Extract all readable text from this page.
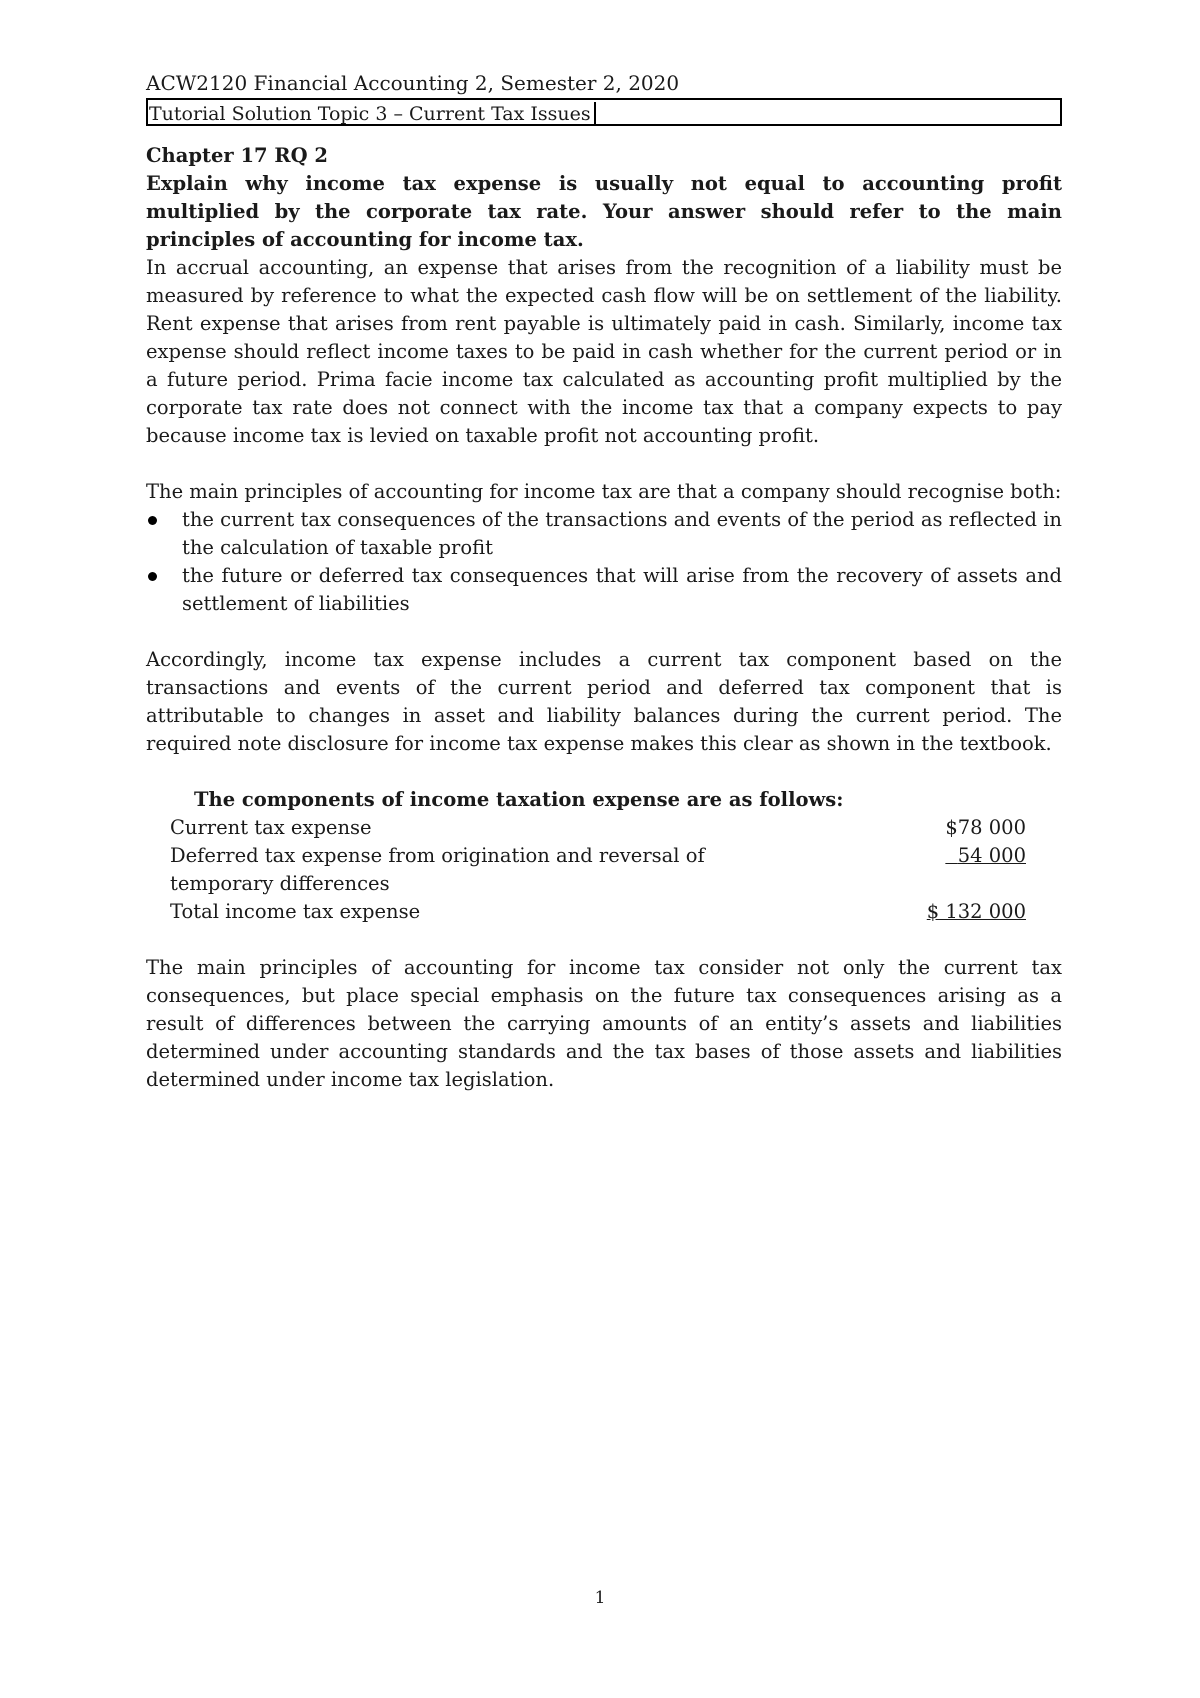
ACW2120 Financial Accounting 2, Semester 2, 2020

Tutorial Solution Topic 3 – Current Tax Issues
Chapter 17 RQ 2

Explain why income tax expense is usually not equal to accounting profit multiplied by the corporate tax rate. Your answer should refer to the main principles of accounting for income tax.

In accrual accounting, an expense that arises from the recognition of a liability must be measured by reference to what the expected cash flow will be on settlement of the liability. Rent expense that arises from rent payable is ultimately paid in cash. Similarly, income tax expense should reflect income taxes to be paid in cash whether for the current period or in a future period. Prima facie income tax calculated as accounting profit multiplied by the corporate tax rate does not connect with the income tax that a company expects to pay because income tax is levied on taxable profit not accounting profit.

The main principles of accounting for income tax are that a company should recognise both:

the current tax consequences of the transactions and events of the period as reflected in the calculation of taxable profit
the future or deferred tax consequences that will arise from the recovery of assets and settlement of liabilities

Accordingly, income tax expense includes a current tax component based on the transactions and events of the current period and deferred tax component that is attributable to changes in asset and liability balances during the current period. The required note disclosure for income tax expense makes this clear as shown in the textbook.

The components of income taxation expense are as follows:
Current tax expense	$78 000
Deferred tax expense from origination and reversal of temporary differences	54 000
Total income tax expense	$ 132 000

The main principles of accounting for income tax consider not only the current tax consequences, but place special emphasis on the future tax consequences arising as a result of differences between the carrying amounts of an entity’s assets and liabilities determined under accounting standards and the tax bases of those assets and liabilities determined under income tax legislation.

1
